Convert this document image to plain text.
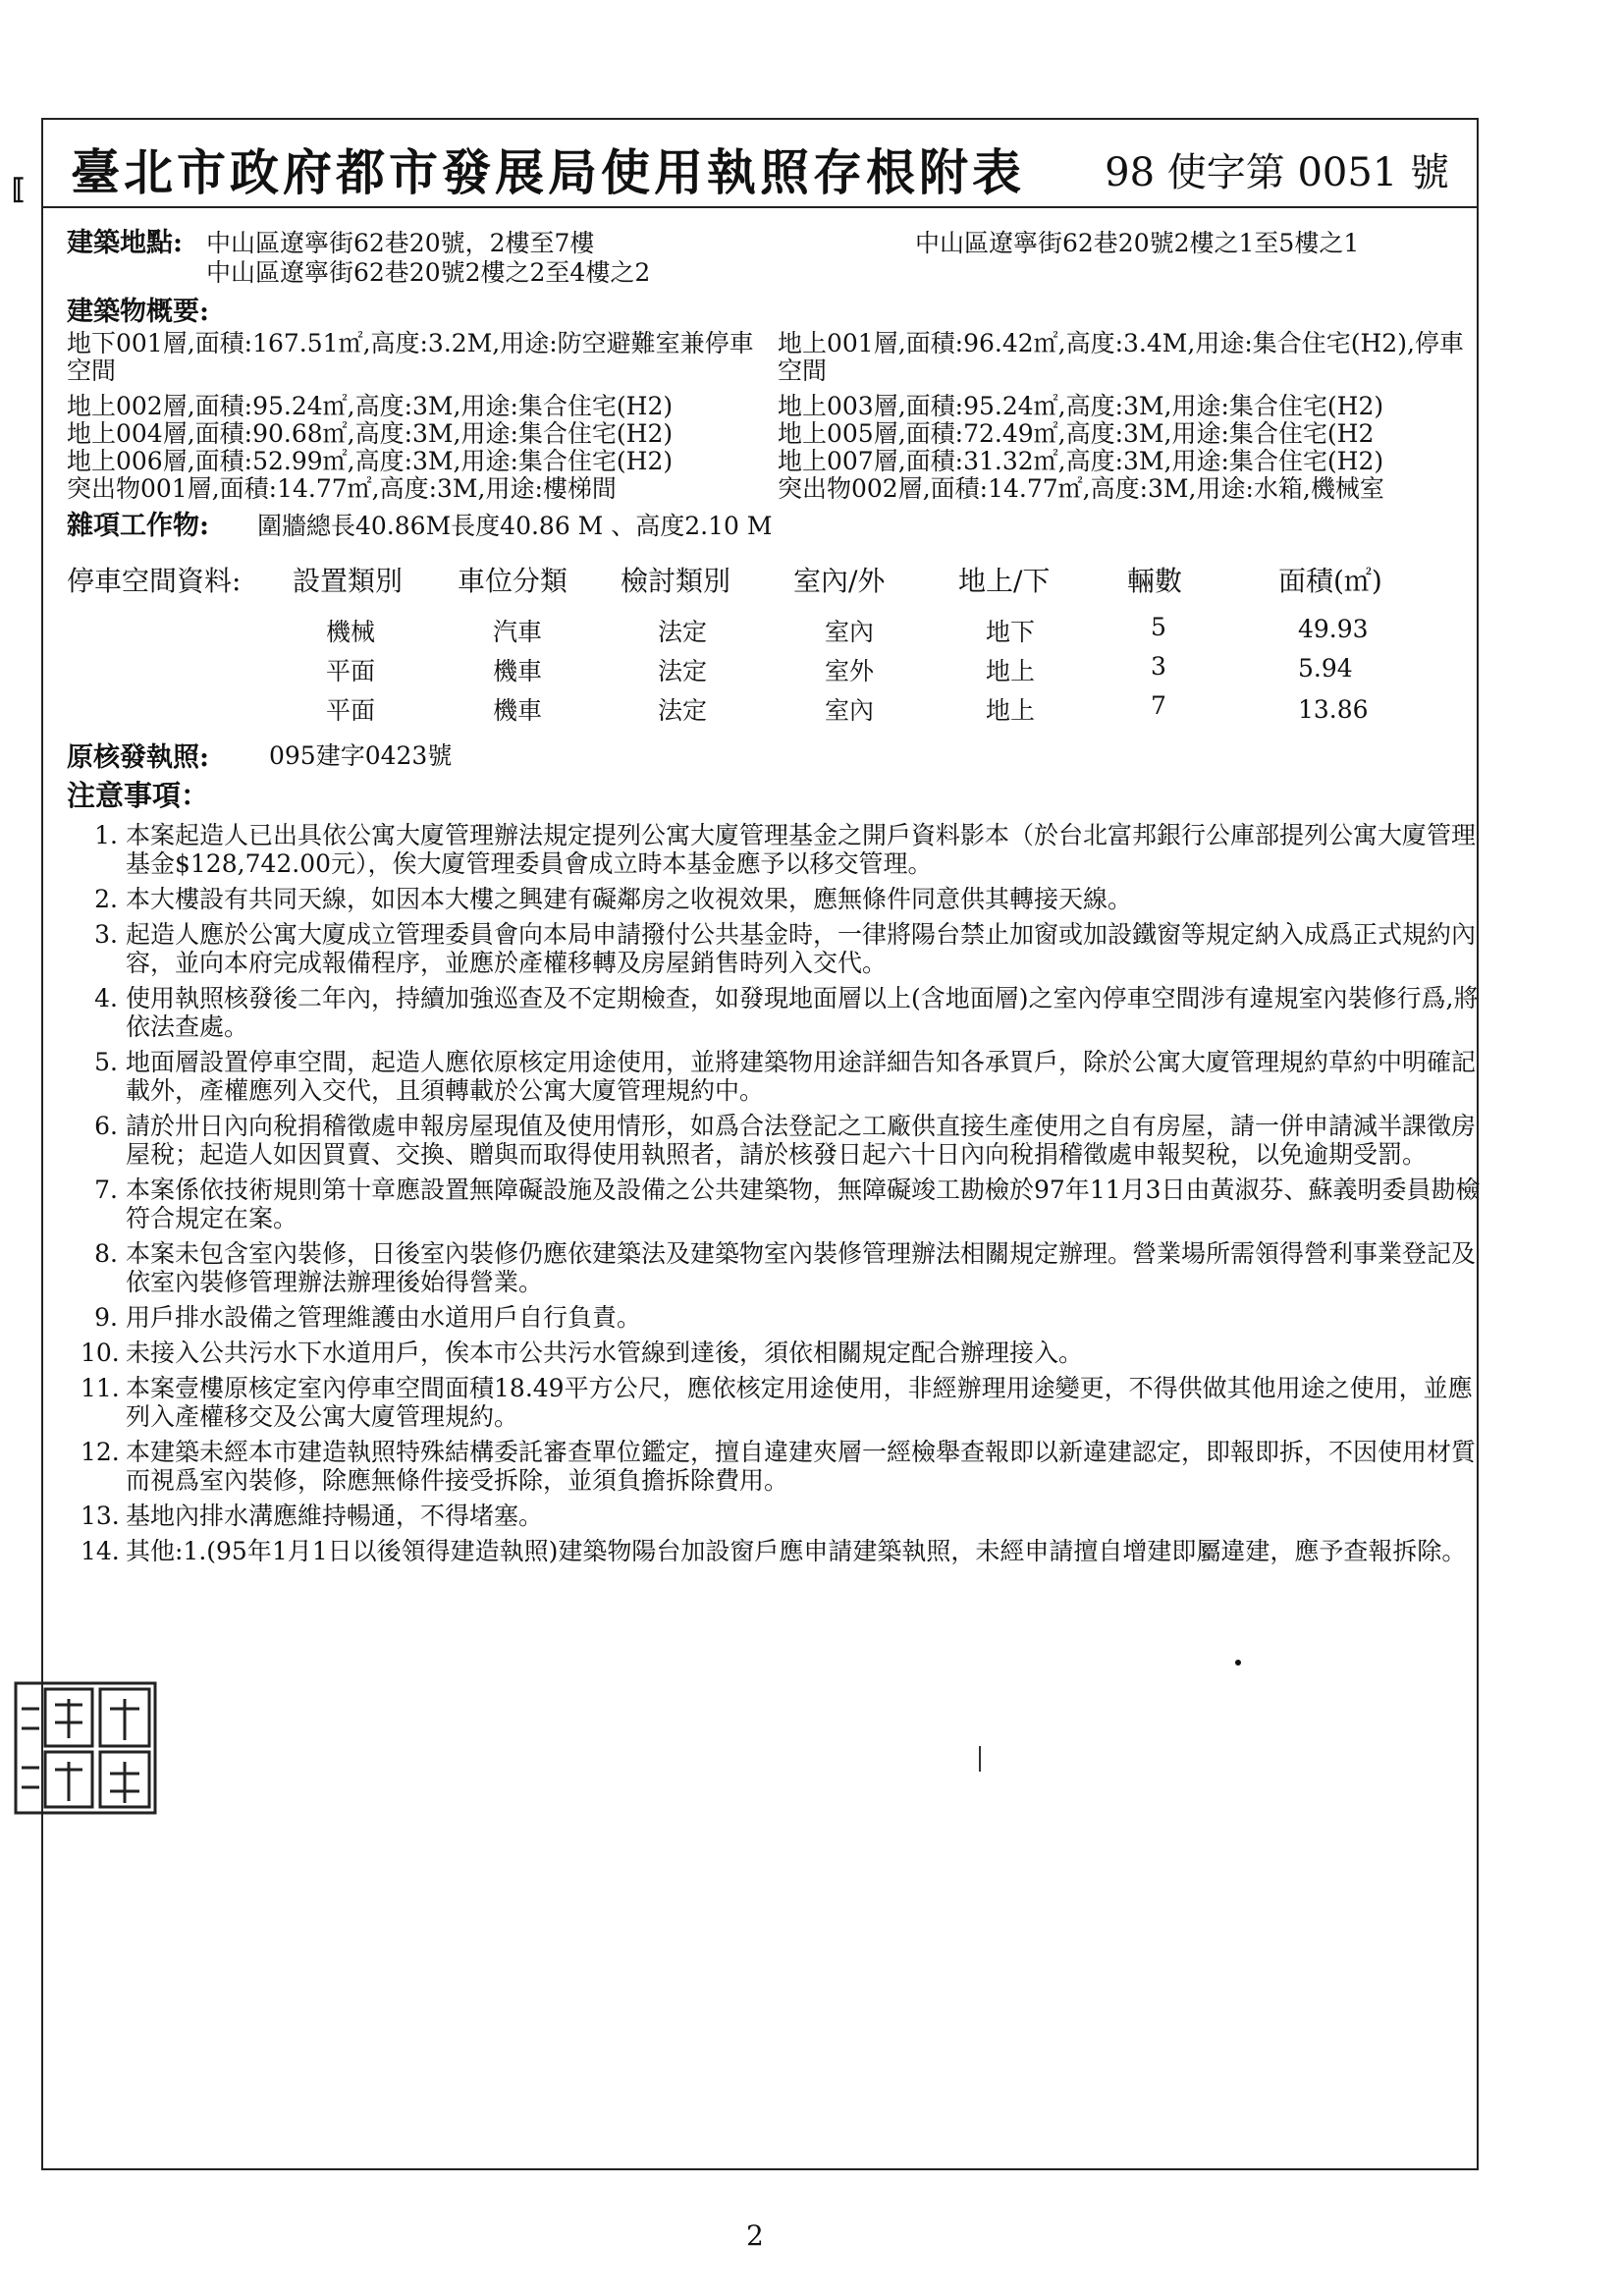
臺北市政府都市發展局使用執照存根附表 98 使字第 0051 號
⟦
建築地點: 中山區遼寧街62巷20號，2樓至7樓
中山區遼寧街62巷20號2樓之2至4樓之2
中山區遼寧街62巷20號2樓之1至5樓之1
建築物概要:
地下001層,面積:167.51㎡,高度:3.2M,用途:防空避難室兼停車
空間
地上002層,面積:95.24㎡,高度:3M,用途:集合住宅(H2)
地上004層,面積:90.68㎡,高度:3M,用途:集合住宅(H2)
地上006層,面積:52.99㎡,高度:3M,用途:集合住宅(H2)
突出物001層,面積:14.77㎡,高度:3M,用途:樓梯間
地上001層,面積:96.42㎡,高度:3.4M,用途:集合住宅(H2),停車
空間
地上003層,面積:95.24㎡,高度:3M,用途:集合住宅(H2)
地上005層,面積:72.49㎡,高度:3M,用途:集合住宅(H2
地上007層,面積:31.32㎡,高度:3M,用途:集合住宅(H2)
突出物002層,面積:14.77㎡,高度:3M,用途:水箱,機械室
雜項工作物: 圍牆總長40.86M長度40.86 M 、高度2.10 M
停車空間資料: 設置類別 車位分類 檢討類別 室內/外	地上/下	輛數	面積(㎡)
機械	汽車	法定	室內	地下	5	49.93
平面	機車	法定	室外	地上	3	5.94
平面	機車	法定	室內	地上	7	13.86
原核發執照: 095建字0423號
注意事項：
1. 本案起造人已出具依公寓大廈管理辦法規定提列公寓大廈管理基金之開戶資料影本（於台北富邦銀行公庫部提列公寓大廈管理基金$128,742.00元），俟大廈管理委員會成立時本基金應予以移交管理。
2. 本大樓設有共同天線，如因本大樓之興建有礙鄰房之收視效果，應無條件同意供其轉接天線。
3. 起造人應於公寓大廈成立管理委員會向本局申請撥付公共基金時，一律將陽台禁止加窗或加設鐵窗等規定納入成爲正式規約內容，並向本府完成報備程序，並應於產權移轉及房屋銷售時列入交代。
4. 使用執照核發後二年內，持續加強巡查及不定期檢查，如發現地面層以上(含地面層)之室內停車空間涉有違規室內裝修行爲,將依法查處。
5. 地面層設置停車空間，起造人應依原核定用途使用，並將建築物用途詳細告知各承買戶，除於公寓大廈管理規約草約中明確記載外，產權應列入交代，且須轉載於公寓大廈管理規約中。
6. 請於卅日內向稅捐稽徵處申報房屋現值及使用情形，如爲合法登記之工廠供直接生產使用之自有房屋，請一併申請減半課徵房屋稅；起造人如因買賣、交換、贈與而取得使用執照者，請於核發日起六十日內向稅捐稽徵處申報契稅，以免逾期受罰。
7. 本案係依技術規則第十章應設置無障礙設施及設備之公共建築物，無障礙竣工勘檢於97年11月3日由黃淑芬、蘇義明委員勘檢符合規定在案。
8. 本案未包含室內裝修，日後室內裝修仍應依建築法及建築物室內裝修管理辦法相關規定辦理。營業場所需領得營利事業登記及依室內裝修管理辦法辦理後始得營業。
9. 用戶排水設備之管理維護由水道用戶自行負責。
10. 未接入公共污水下水道用戶，俟本市公共污水管線到達後，須依相關規定配合辦理接入。
11. 本案壹樓原核定室內停車空間面積18.49平方公尺，應依核定用途使用，非經辦理用途變更，不得供做其他用途之使用，並應列入產權移交及公寓大廈管理規約。
12. 本建築未經本市建造執照特殊結構委託審查單位鑑定，擅自違建夾層一經檢舉查報即以新違建認定，即報即拆，不因使用材質而視爲室內裝修，除應無條件接受拆除，並須負擔拆除費用。
13. 基地內排水溝應維持暢通，不得堵塞。
14. 其他:1.(95年1月1日以後領得建造執照)建築物陽台加設窗戶應申請建築執照，未經申請擅自增建即屬違建，應予查報拆除。
2
